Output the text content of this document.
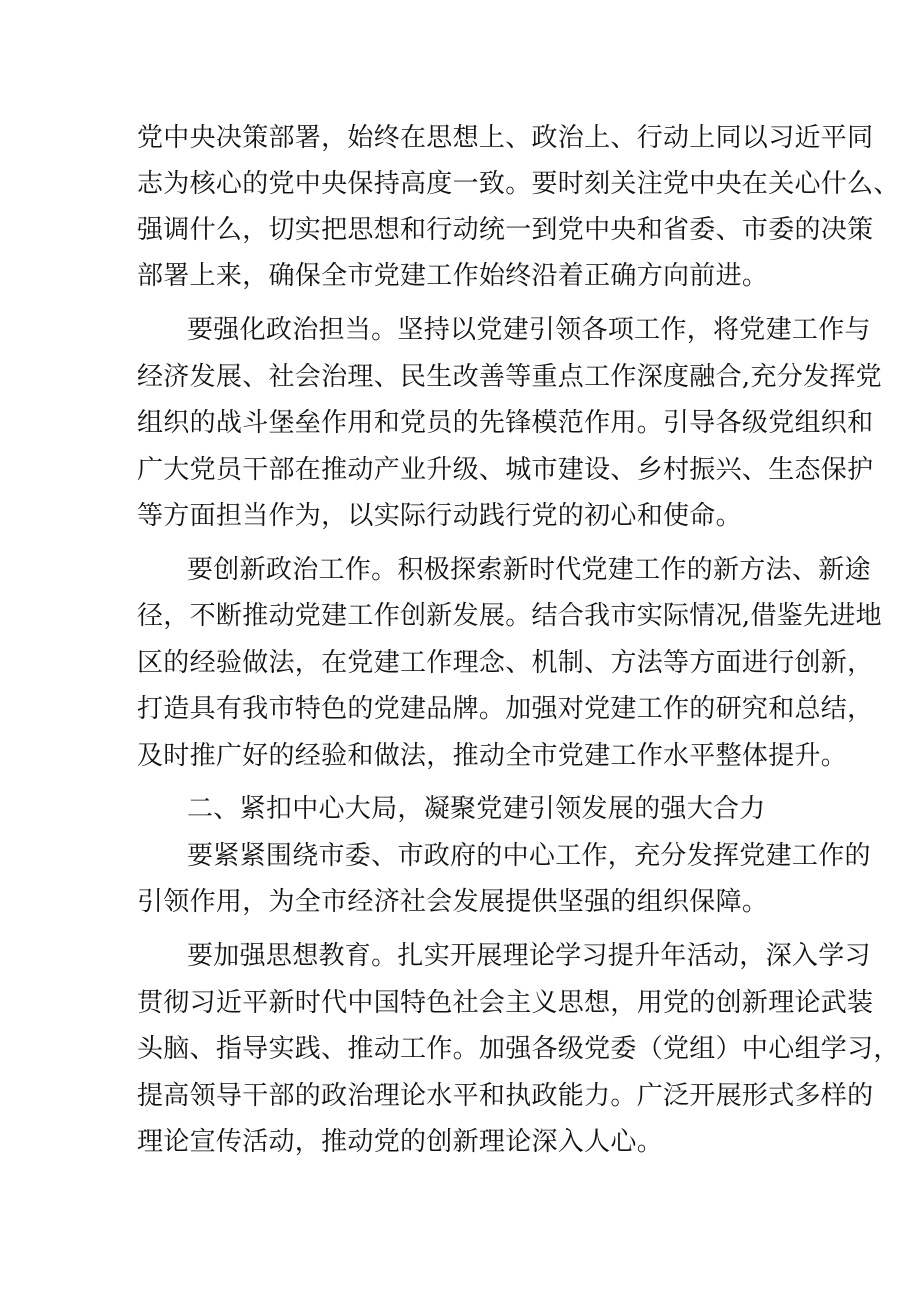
党中央决策部署，始终在思想上、政治上、行动上同以习近平同
志为核心的党中央保持高度一致。要时刻关注党中央在关心什么、
强调什么，切实把思想和行动统一到党中央和省委、市委的决策
部署上来，确保全市党建工作始终沿着正确方向前进。
要强化政治担当。坚持以党建引领各项工作，将党建工作与
经济发展、社会治理、民生改善等重点工作深度融合,充分发挥党
组织的战斗堡垒作用和党员的先锋模范作用。引导各级党组织和
广大党员干部在推动产业升级、城市建设、乡村振兴、生态保护
等方面担当作为，以实际行动践行党的初心和使命。
要创新政治工作。积极探索新时代党建工作的新方法、新途
径，不断推动党建工作创新发展。结合我市实际情况,借鉴先进地
区的经验做法，在党建工作理念、机制、方法等方面进行创新，
打造具有我市特色的党建品牌。加强对党建工作的研究和总结，
及时推广好的经验和做法，推动全市党建工作水平整体提升。
二、紧扣中心大局，凝聚党建引领发展的强大合力
要紧紧围绕市委、市政府的中心工作，充分发挥党建工作的
引领作用，为全市经济社会发展提供坚强的组织保障。
要加强思想教育。扎实开展理论学习提升年活动，深入学习
贯彻习近平新时代中国特色社会主义思想，用党的创新理论武装
头脑、指导实践、推动工作。加强各级党委（党组）中心组学习，
提高领导干部的政治理论水平和执政能力。广泛开展形式多样的
理论宣传活动，推动党的创新理论深入人心。
